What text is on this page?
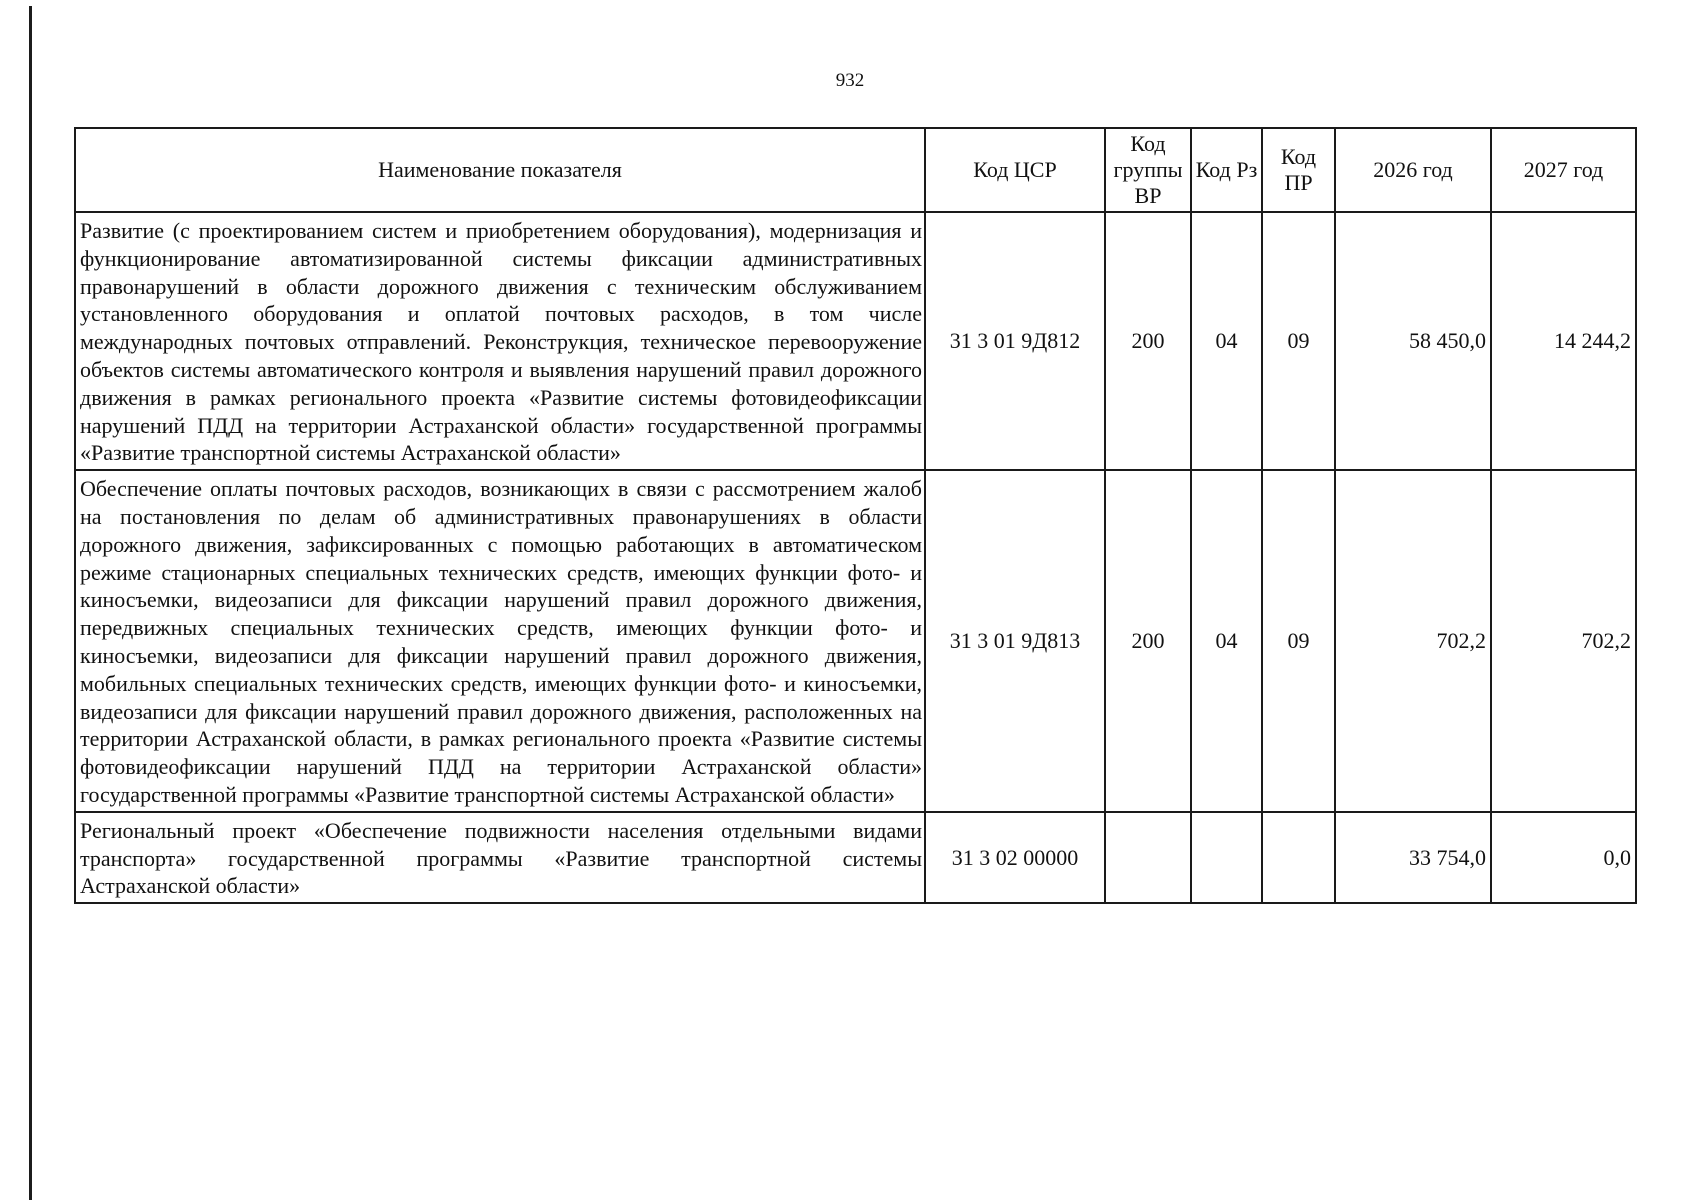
932
Наименование показателя	Код ЦСР	Код группы ВР	Код Рз	Код ПР	2026 год	2027 год
Развитие (с проектированием систем и приобретением оборудования), модернизация и функционирование автоматизированной системы фиксации административных правонарушений в области дорожного движения с техническим обслуживанием установленного оборудования и оплатой почтовых расходов, в том числе международных почтовых отправлений. Реконструкция, техническое перевооружение объектов системы автоматического контроля и выявления нарушений правил дорожного движения в рамках регионального проекта «Развитие системы фотовидеофиксации нарушений ПДД на территории Астраханской области» государственной программы «Развитие транспортной системы Астраханской области»	31 3 01 9Д812	200	04	09	58 450,0	14 244,2
Обеспечение оплаты почтовых расходов, возникающих в связи с рассмотрением жалоб на постановления по делам об административных правонарушениях в области дорожного движения, зафиксированных с помощью работающих в автоматическом режиме стационарных специальных технических средств, имеющих функции фото- и киносъемки, видеозаписи для фиксации нарушений правил дорожного движения, передвижных специальных технических средств, имеющих функции фото- и киносъемки, видеозаписи для фиксации нарушений правил дорожного движения, мобильных специальных технических средств, имеющих функции фото- и киносъемки, видеозаписи для фиксации нарушений правил дорожного движения, расположенных на территории Астраханской области, в рамках регионального проекта «Развитие системы фотовидеофиксации нарушений ПДД на территории Астраханской области» государственной программы «Развитие транспортной системы Астраханской области»	31 3 01 9Д813	200	04	09	702,2	702,2
Региональный проект «Обеспечение подвижности населения отдельными видами транспорта» государственной программы «Развитие транспортной системы Астраханской области»	31 3 02 00000				33 754,0	0,0
